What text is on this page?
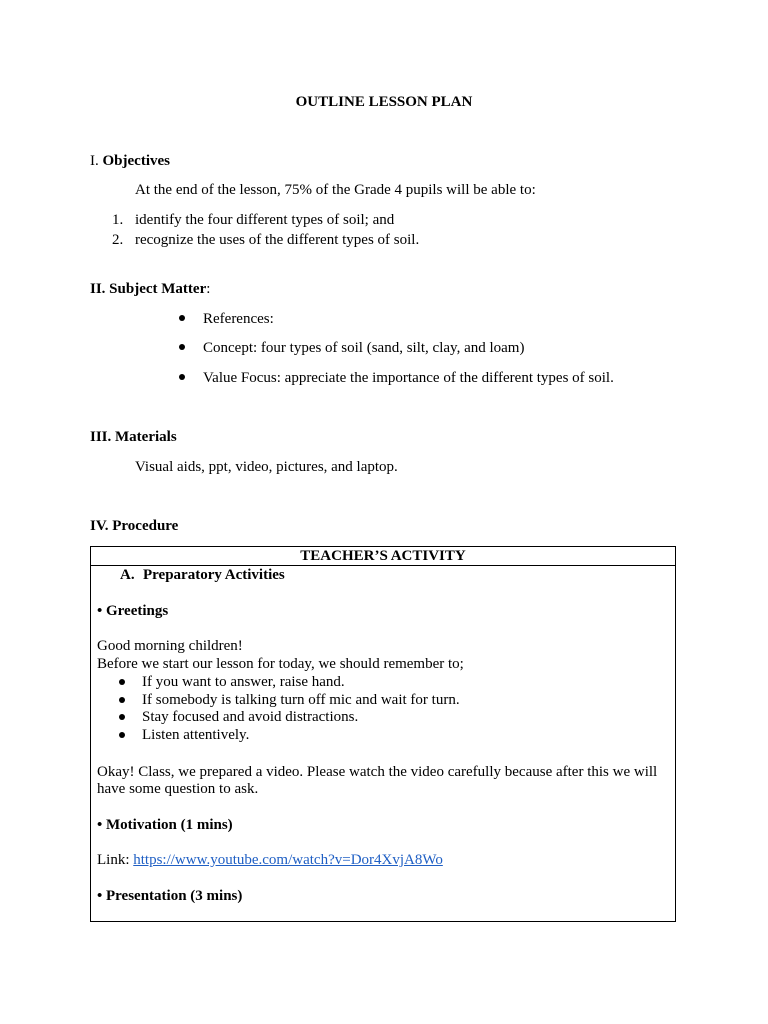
OUTLINE LESSON PLAN
I. Objectives
At the end of the lesson, 75% of the Grade 4 pupils will be able to:
1. identify the four different types of soil; and
2. recognize the uses of the different types of soil.
II. Subject Matter:
References:
Concept: four types of soil (sand, silt, clay, and loam)
Value Focus: appreciate the importance of the different types of soil.
III. Materials
Visual aids, ppt, video, pictures, and laptop.
IV. Procedure
TEACHER’S ACTIVITY
A. Preparatory Activities
• Greetings
Good morning children!
Before we start our lesson for today, we should remember to;
If you want to answer, raise hand.
If somebody is talking turn off mic and wait for turn.
Stay focused and avoid distractions.
Listen attentively.
Okay! Class, we prepared a video. Please watch the video carefully because after this we will
have some question to ask.
• Motivation (1 mins)
Link: https://www.youtube.com/watch?v=Dor4XvjA8Wo
• Presentation (3 mins)
